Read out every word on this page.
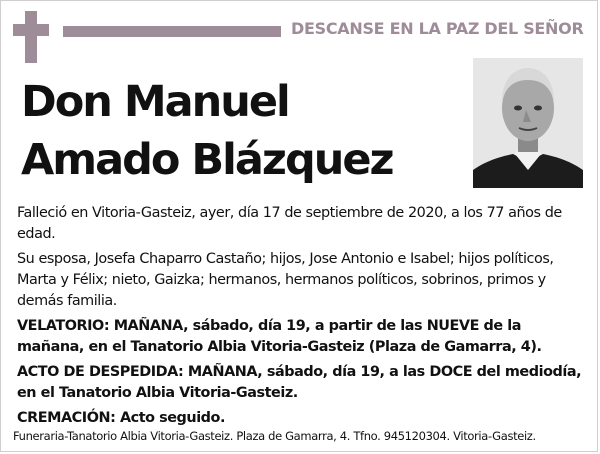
DESCANSE EN LA PAZ DEL SEÑOR
Don Manuel
Amado Blázquez

Falleció en Vitoria-Gasteiz, ayer, día 17 de septiembre de 2020, a los 77 años de edad.

Su esposa, Josefa Chaparro Castaño; hijos, Jose Antonio e Isabel; hijos políticos, Marta y Félix; nieto, Gaizka; hermanos, hermanos políticos, sobrinos, primos y demás familia.

VELATORIO: MAÑANA, sábado, día 19, a partir de las NUEVE de la mañana, en el Tanatorio Albia Vitoria-Gasteiz (Plaza de Gamarra, 4).

ACTO DE DESPEDIDA: MAÑANA, sábado, día 19, a las DOCE del mediodía, en el Tanatorio Albia Vitoria-Gasteiz.

CREMACIÓN: Acto seguido.

Funeraria-Tanatorio Albia Vitoria-Gasteiz. Plaza de Gamarra, 4. Tfno. 945120304. Vitoria-Gasteiz.
